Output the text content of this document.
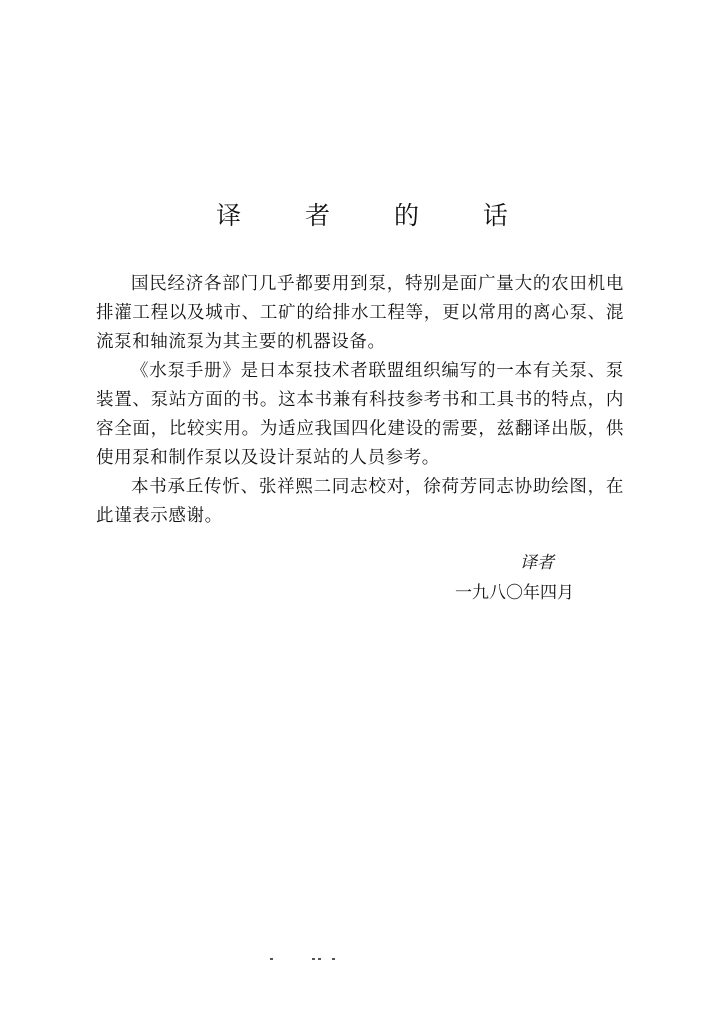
译 者 的 话

国民经济各部门几乎都要用到泵，特别是面广量大的农田机电排灌工程以及城市、工矿的给排水工程等，更以常用的离心泵、混流泵和轴流泵为其主要的机器设备。

《水泵手册》是日本泵技术者联盟组织编写的一本有关泵、泵装置、泵站方面的书。这本书兼有科技参考书和工具书的特点，内容全面，比较实用。为适应我国四化建设的需要，兹翻译出版，供使用泵和制作泵以及设计泵站的人员参考。

本书承丘传忻、张祥熙二同志校对，徐荷芳同志协助绘图，在此谨表示感谢。

译者
一九八〇年四月
